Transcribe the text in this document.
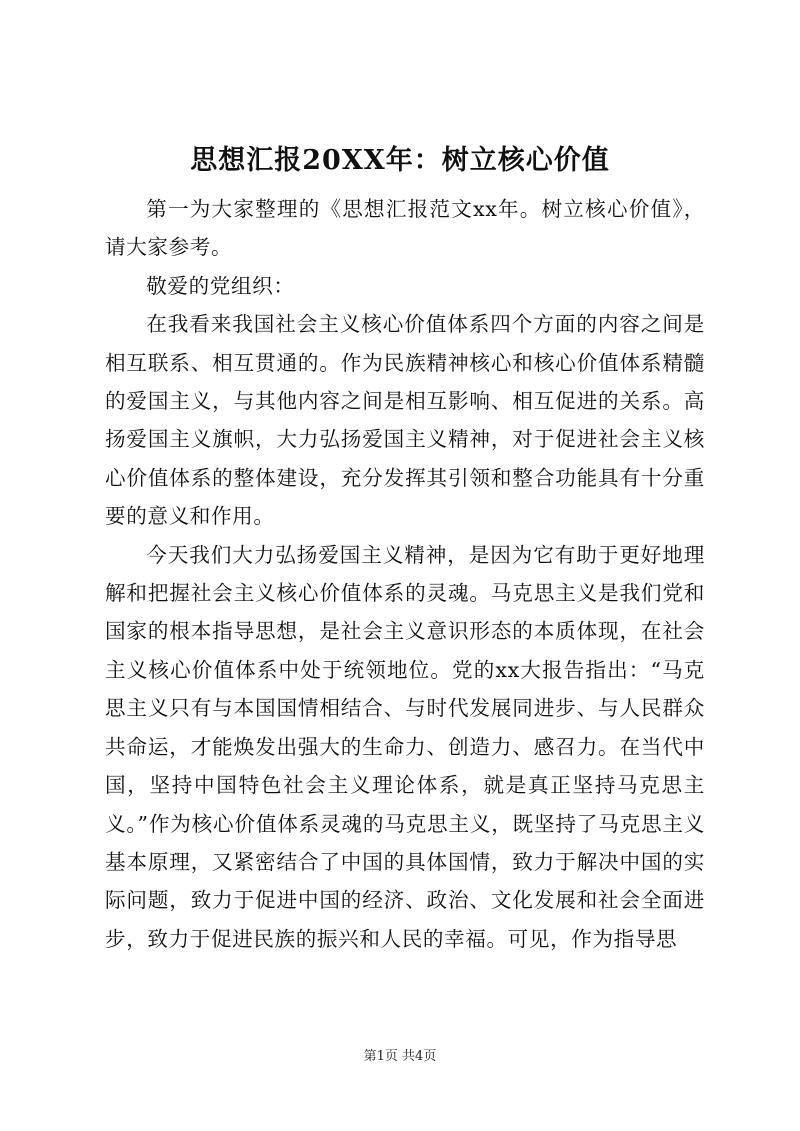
思想汇报20XX年：树立核心价值

第一为大家整理的《思想汇报范文xx年。树立核心价值》，请大家参考。

敬爱的党组织：

在我看来我国社会主义核心价值体系四个方面的内容之间是相互联系、相互贯通的。作为民族精神核心和核心价值体系精髓的爱国主义，与其他内容之间是相互影响、相互促进的关系。高扬爱国主义旗帜，大力弘扬爱国主义精神，对于促进社会主义核心价值体系的整体建设，充分发挥其引领和整合功能具有十分重要的意义和作用。

今天我们大力弘扬爱国主义精神，是因为它有助于更好地理解和把握社会主义核心价值体系的灵魂。马克思主义是我们党和国家的根本指导思想，是社会主义意识形态的本质体现，在社会主义核心价值体系中处于统领地位。党的xx大报告指出：“马克思主义只有与本国国情相结合、与时代发展同进步、与人民群众共命运，才能焕发出强大的生命力、创造力、感召力。在当代中国，坚持中国特色社会主义理论体系，就是真正坚持马克思主义。”作为核心价值体系灵魂的马克思主义，既坚持了马克思主义基本原理，又紧密结合了中国的具体国情，致力于解决中国的实际问题，致力于促进中国的经济、政治、文化发展和社会全面进步，致力于促进民族的振兴和人民的幸福。可见，作为指导思

第1页 共4页
